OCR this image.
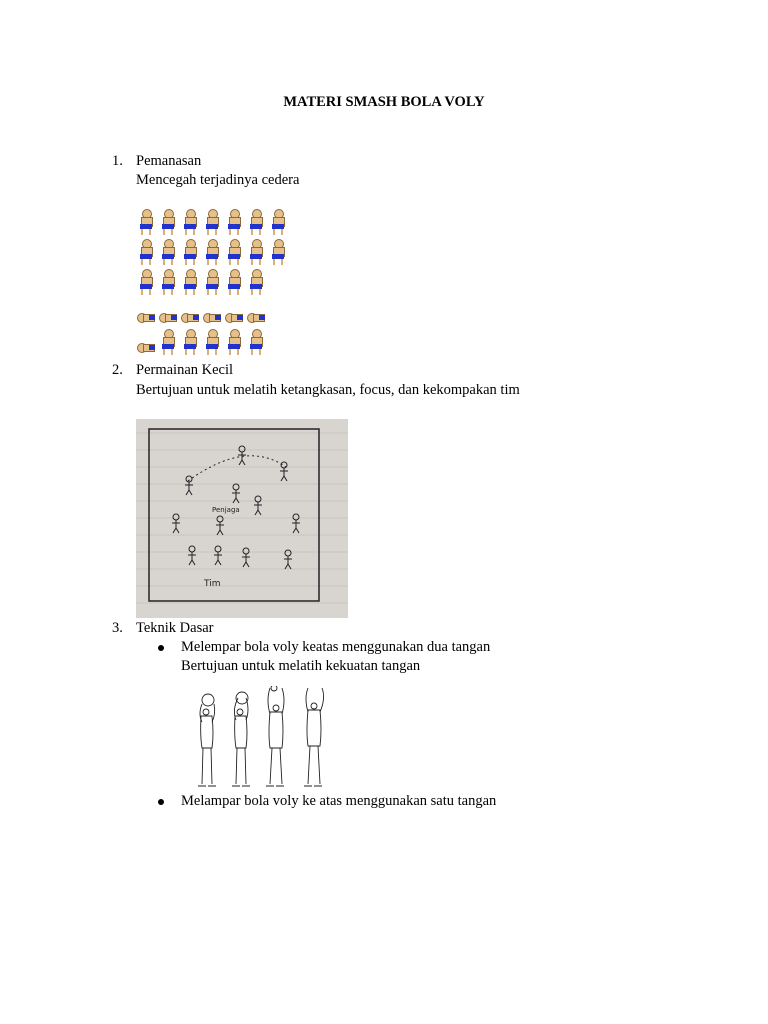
MATERI SMASH BOLA VOLY
1. Pemanasan
Mencegah terjadinya cedera
2. Permainan Kecil
Bertujuan untuk melatih ketangkasan, focus, dan kekompakan tim
Penjaga
Tim
3. Teknik Dasar
Melempar bola voly keatas menggunakan dua tangan
Bertujuan untuk melatih kekuatan tangan
Melampar bola voly ke atas menggunakan satu tangan
